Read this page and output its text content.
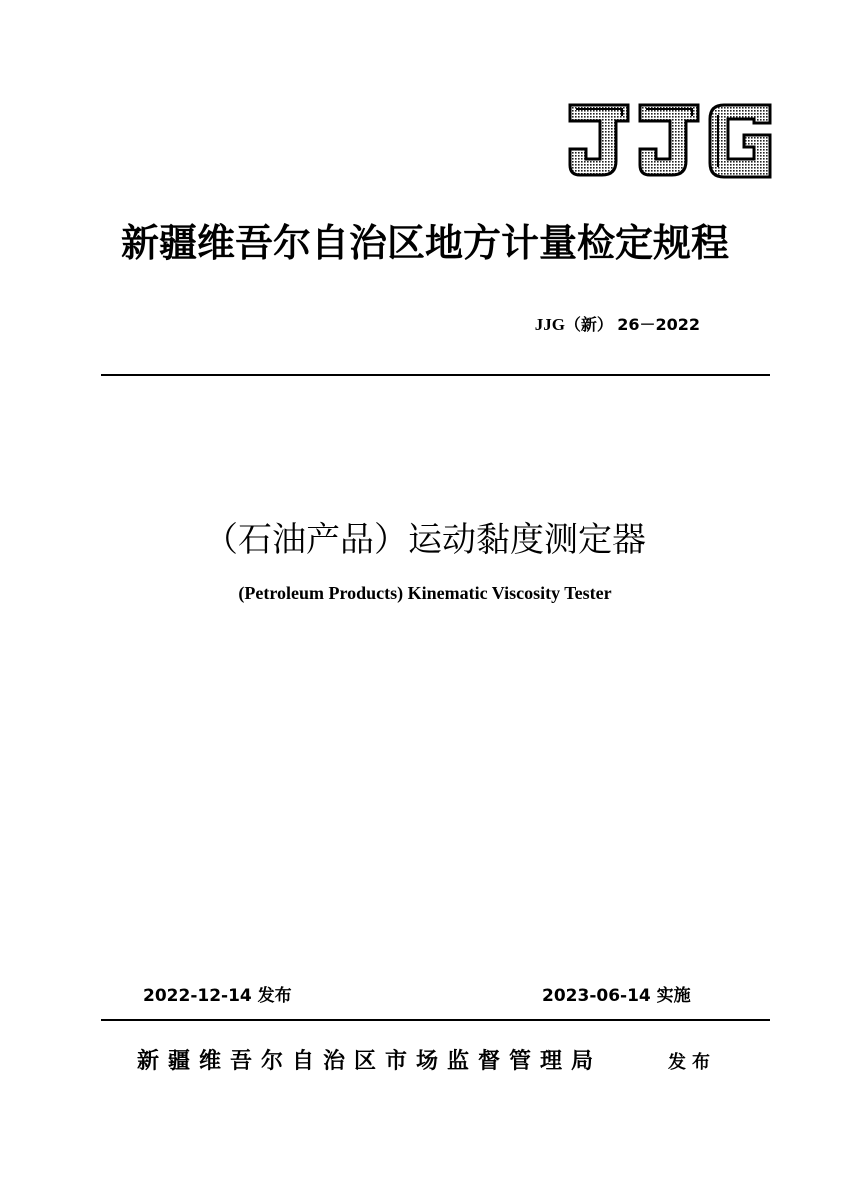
新疆维吾尔自治区地方计量检定规程
JJG（新） 26－2022
（石油产品）运动黏度测定器
(Petroleum Products) Kinematic Viscosity Tester
2022-12-14 发布	2023-06-14 实施
新疆维吾尔自治区市场监督管理局	发布
